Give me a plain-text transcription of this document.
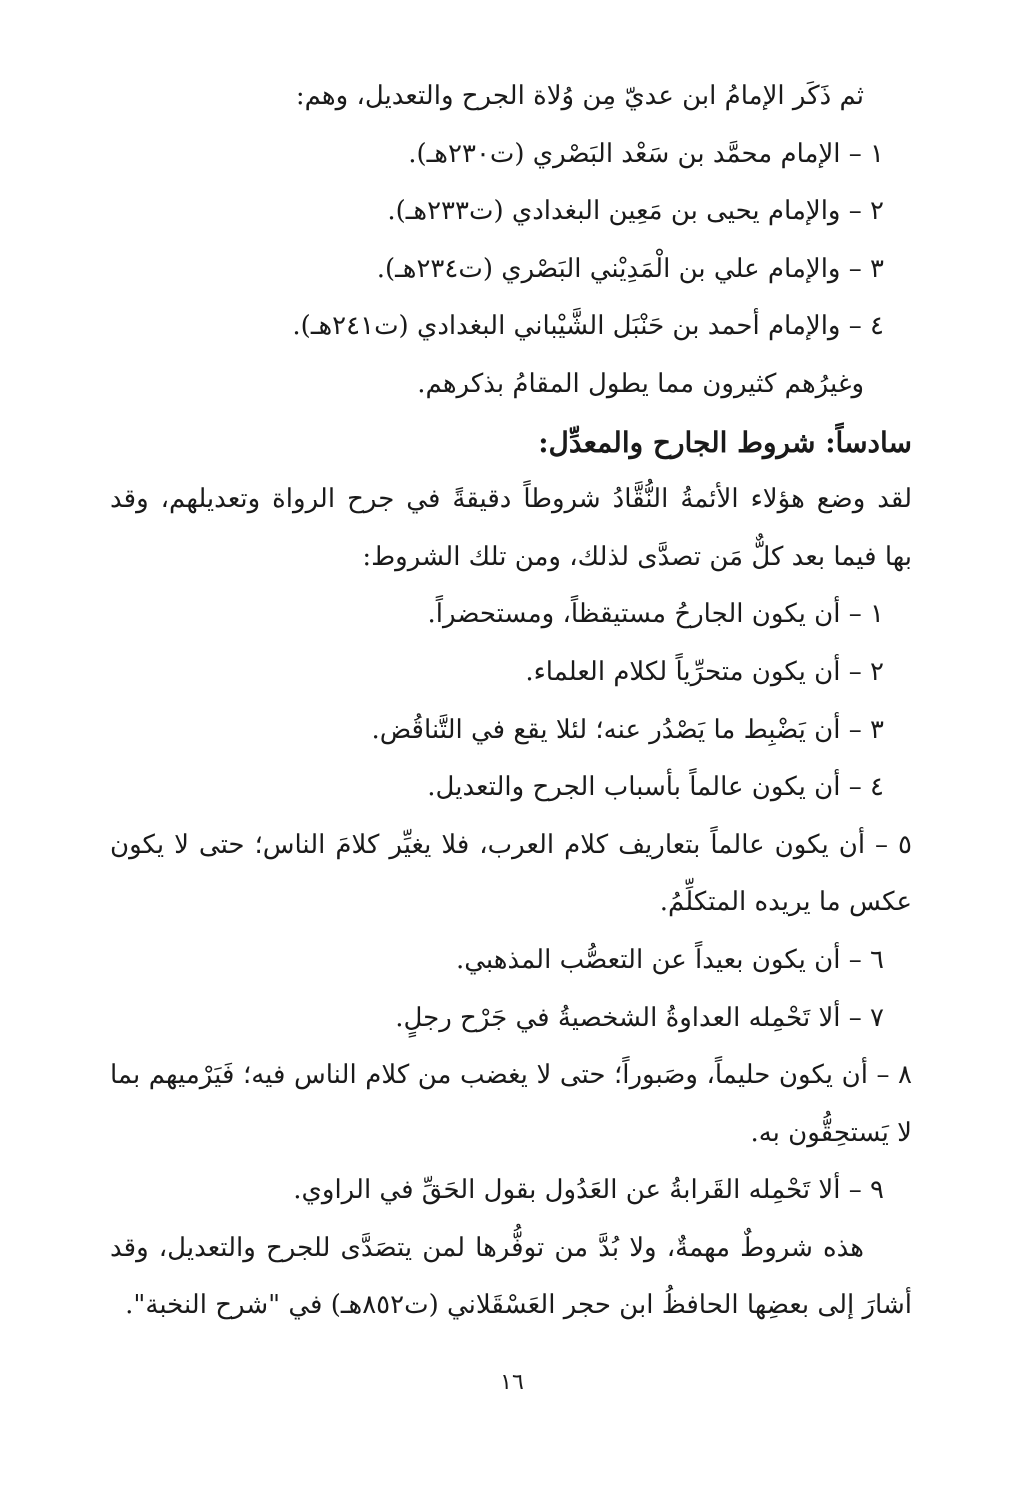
ثم ذَكَر الإمامُ ابن عديّ مِن وُلاة الجرح والتعديل، وهم:
١ – الإمام محمَّد بن سَعْد البَصْري (ت٢٣٠هـ).
٢ – والإمام يحيى بن مَعِين البغدادي (ت٢٣٣هـ).
٣ – والإمام علي بن الْمَدِيْني البَصْري (ت٢٣٤هـ).
٤ – والإمام أحمد بن حَنْبَل الشَّيْباني البغدادي (ت٢٤١هـ).
وغيرُهم كثيرون مما يطول المقامُ بذكرهم.
سادساً: شروط الجارح والمعدِّل:
لقد وضع هؤلاء الأئمةُ النُّقَّادُ شروطاً دقيقةً في جرح الرواة وتعديلهم، وقد
بها فيما بعد كلٌّ مَن تصدَّى لذلك، ومن تلك الشروط:
١ – أن يكون الجارحُ مستيقظاً، ومستحضراً.
٢ – أن يكون متحرِّياً لكلام العلماء.
٣ – أن يَضْبِط ما يَصْدُر عنه؛ لئلا يقع في التَّناقُض.
٤ – أن يكون عالماً بأسباب الجرح والتعديل.
٥ – أن يكون عالماً بتعاريف كلام العرب، فلا يغيِّر كلامَ الناس؛ حتى لا يكون
عكس ما يريده المتكلِّمُ.
٦ – أن يكون بعيداً عن التعصُّب المذهبي.
٧ – ألا تَحْمِله العداوةُ الشخصيةُ في جَرْح رجلٍ.
٨ – أن يكون حليماً، وصَبوراً؛ حتى لا يغضب من كلام الناس فيه؛ فَيَرْميهم بما
لا يَستحِقُّون به.
٩ – ألا تَحْمِله القَرابةُ عن العَدُول بقول الحَقِّ في الراوي.
هذه شروطٌ مهمةٌ، ولا بُدَّ من توفُّرها لمن يتصَدَّى للجرح والتعديل، وقد
أشارَ إلى بعضِها الحافظُ ابن حجر العَسْقَلاني (ت٨٥٢هـ) في "شرح النخبة".
١٦
